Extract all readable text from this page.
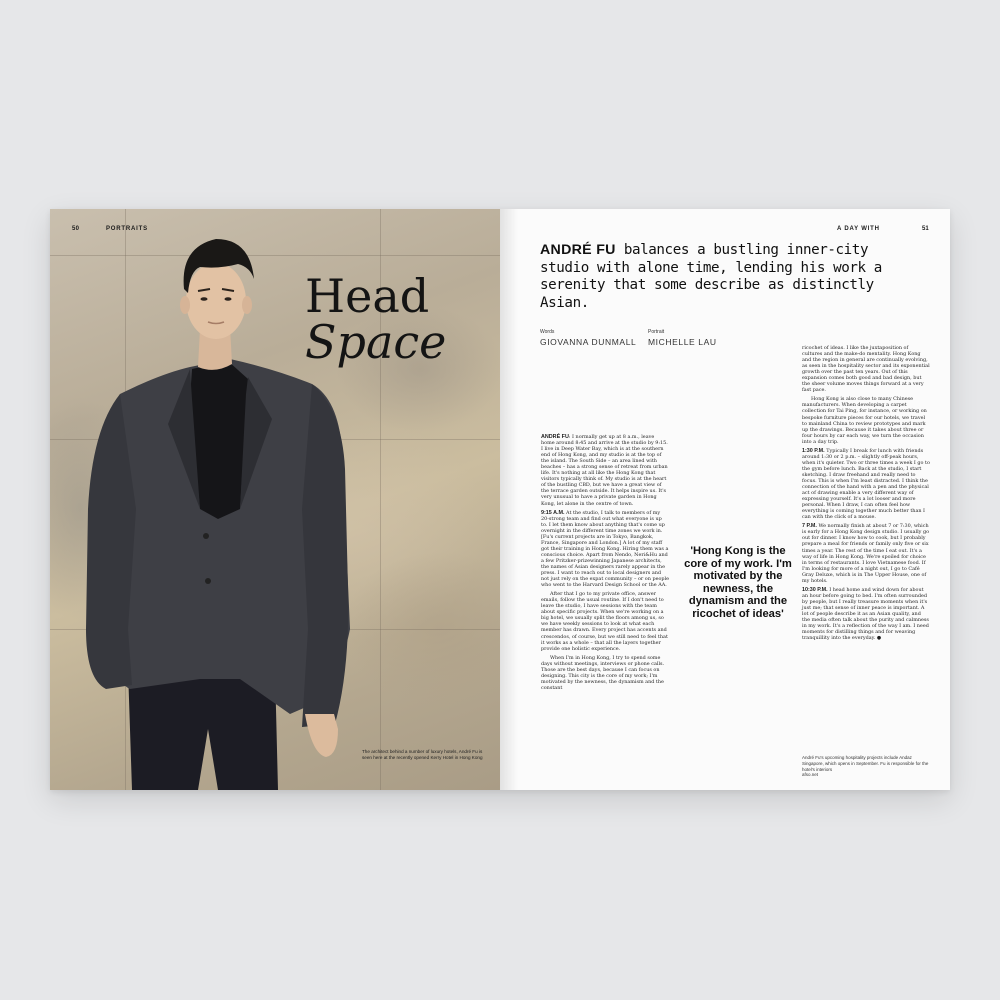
50	PORTRAITS
Head
Space
The architect behind a number of luxury hotels, André Fu is seen here at the recently opened Kerry Hotel in Hong Kong
A DAY WITH	51
ANDRÉ FU balances a bustling inner-city studio with alone time, lending his work a serenity that some describe as distinctly Asian.
Words
GIOVANNA DUNMALL
Portrait
MICHELLE LAU

ANDRÉ FU: I normally get up at 8 a.m., leave home around 8:45 and arrive at the studio by 9:15. I live in Deep Water Bay, which is at the southern end of Hong Kong, and my studio is at the top of the island. The South Side – an area lined with beaches – has a strong sense of retreat from urban life. It's nothing at all like the Hong Kong that visitors typically think of. My studio is at the heart of the bustling CBD, but we have a great view of the terrace garden outside. It helps inspire us. It's very unusual to have a private garden in Hong Kong, let alone in the centre of town.

9:15 A.M. At the studio, I talk to members of my 20-strong team and find out what everyone is up to. I let them know about anything that's come up overnight in the different time zones we work in. [Fu's current projects are in Tokyo, Bangkok, France, Singapore and London.] A lot of my staff got their training in Hong Kong. Hiring them was a conscious choice. Apart from Nendo, Neri&Hu and a few Pritzker-prizewinning Japanese architects, the names of Asian designers rarely appear in the press. I want to reach out to local designers and not just rely on the expat community – or on people who went to the Harvard Design School or the AA.

After that I go to my private office, answer emails, follow the usual routine. If I don't need to leave the studio, I have sessions with the team about specific projects. When we're working on a big hotel, we usually split the floors among us, so we have weekly sessions to look at what each member has drawn. Every project has accents and crescendos, of course, but we still need to feel that it works as a whole – that all the layers together provide one holistic experience.

When I'm in Hong Kong, I try to spend some days without meetings, interviews or phone calls. Those are the best days, because I can focus on designing. This city is the core of my work; I'm motivated by the newness, the dynamism and the constant

'Hong Kong is the core of my work. I'm motivated by the newness, the dynamism and the ricochet of ideas'

ricochet of ideas. I like the juxtaposition of cultures and the make-do mentality. Hong Kong and the region in general are continually evolving, as seen in the hospitality sector and its exponential growth over the past ten years. Out of this expansion comes both good and bad design, but the sheer volume moves things forward at a very fast pace.

Hong Kong is also close to many Chinese manufacturers. When developing a carpet collection for Tai Ping, for instance, or working on bespoke furniture pieces for our hotels, we travel to mainland China to review prototypes and mark up the drawings. Because it takes about three or four hours by car each way, we turn the occasion into a day trip.

1:30 P.M. Typically I break for lunch with friends around 1:30 or 2 p.m. – slightly off-peak hours, when it's quieter. Two or three times a week I go to the gym before lunch. Back at the studio, I start sketching. I draw freehand and really need to focus. This is when I'm least distracted. I think the connection of the hand with a pen and the physical act of drawing enable a very different way of expressing yourself. It's a lot looser and more personal. When I draw, I can often feel how everything is coming together much better than I can with the click of a mouse.

7 P.M. We normally finish at about 7 or 7:30, which is early for a Hong Kong design studio. I usually go out for dinner. I know how to cook, but I probably prepare a meal for friends or family only five or six times a year. The rest of the time I eat out. It's a way of life in Hong Kong. We're spoiled for choice in terms of restaurants. I love Vietnamese food. If I'm looking for more of a night out, I go to Café Gray Deluxe, which is in The Upper House, one of my hotels.

10:30 P.M. I head home and wind down for about an hour before going to bed. I'm often surrounded by people, but I really treasure moments when it's just me; that sense of inner peace is important. A lot of people describe it as an Asian quality, and the media often talk about the purity and calmness in my work. It's a reflection of the way I am. I need moments for distilling things and for weaving tranquillity into the everyday. ●

André Fu's upcoming hospitality projects include Andaz Singapore, which opens in September. Fu is responsible for the hotel's interiors
afso.net
